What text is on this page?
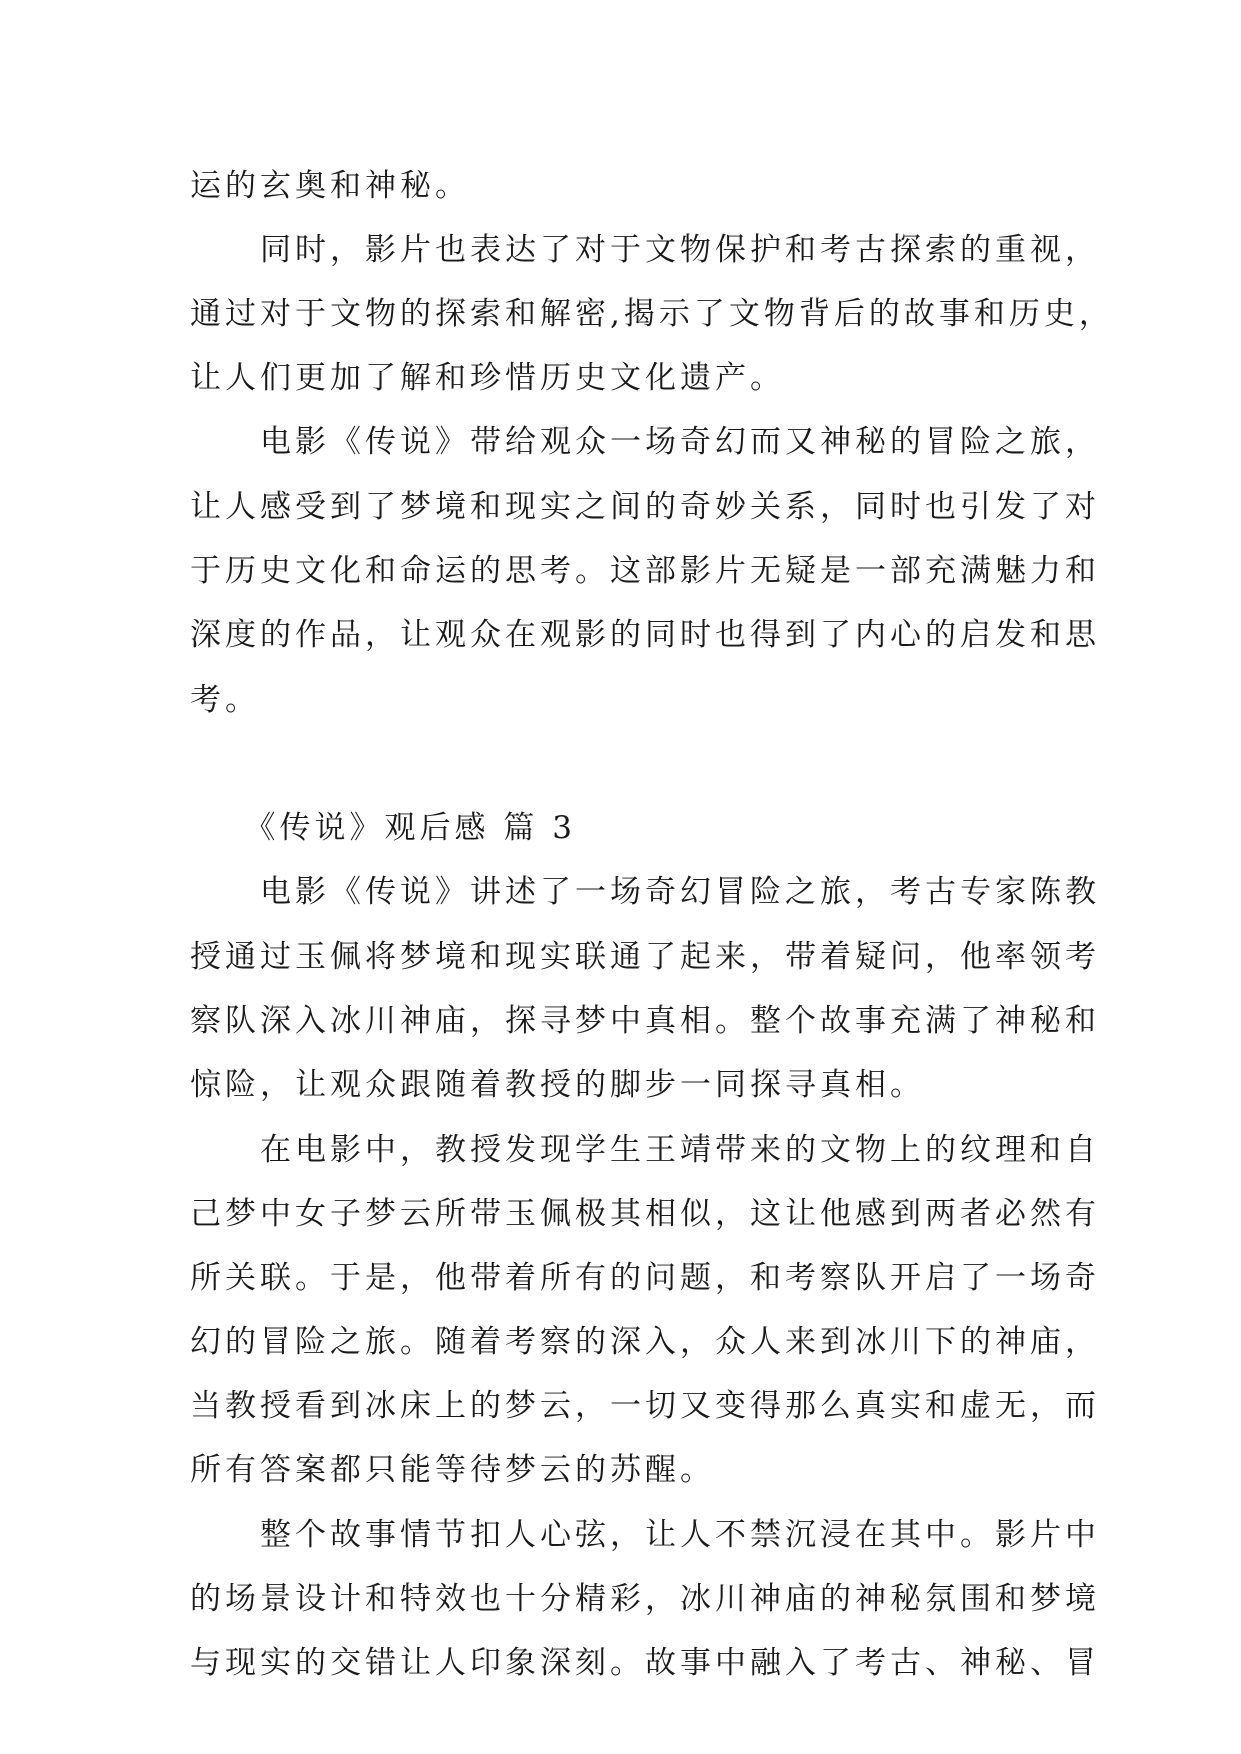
运的玄奥和神秘。
　　同时，影片也表达了对于文物保护和考古探索的重视，
通过对于文物的探索和解密,揭示了文物背后的故事和历史，
让人们更加了解和珍惜历史文化遗产。
　　电影《传说》带给观众一场奇幻而又神秘的冒险之旅，
让人感受到了梦境和现实之间的奇妙关系，同时也引发了对
于历史文化和命运的思考。这部影片无疑是一部充满魅力和
深度的作品，让观众在观影的同时也得到了内心的启发和思
考。
　　《传说》观后感 篇 3
　　电影《传说》讲述了一场奇幻冒险之旅，考古专家陈教
授通过玉佩将梦境和现实联通了起来，带着疑问，他率领考
察队深入冰川神庙，探寻梦中真相。整个故事充满了神秘和
惊险，让观众跟随着教授的脚步一同探寻真相。
　　在电影中，教授发现学生王靖带来的文物上的纹理和自
己梦中女子梦云所带玉佩极其相似，这让他感到两者必然有
所关联。于是，他带着所有的问题，和考察队开启了一场奇
幻的冒险之旅。随着考察的深入，众人来到冰川下的神庙，
当教授看到冰床上的梦云，一切又变得那么真实和虚无，而
所有答案都只能等待梦云的苏醒。
　　整个故事情节扣人心弦，让人不禁沉浸在其中。影片中
的场景设计和特效也十分精彩，冰川神庙的神秘氛围和梦境
与现实的交错让人印象深刻。故事中融入了考古、神秘、冒
